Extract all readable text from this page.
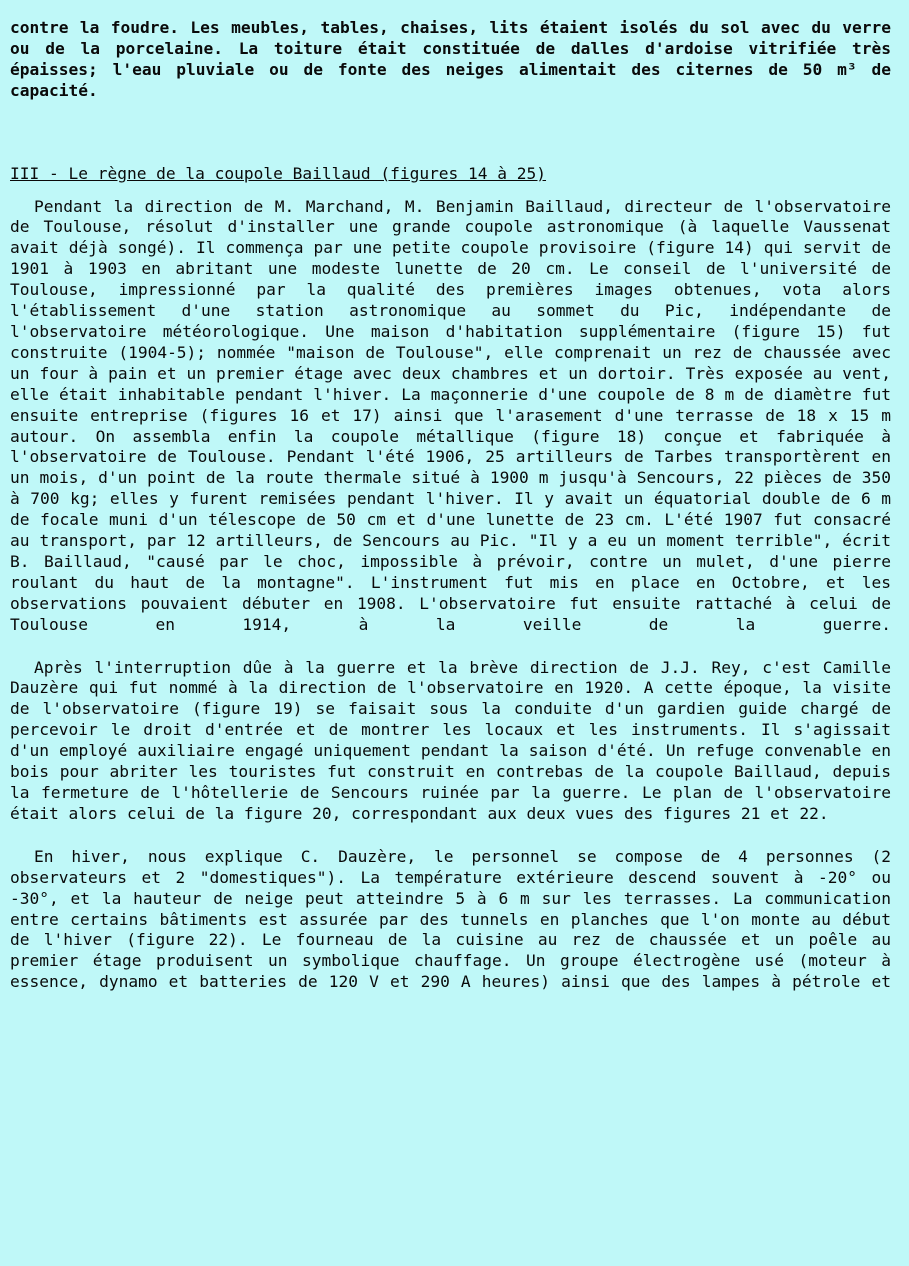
contre la foudre. Les meubles, tables, chaises, lits étaient isolés du sol avec du verre ou de la porcelaine. La toiture était constituée de dalles d'ardoise vitrifiée très épaisses; l'eau pluviale ou de fonte des neiges alimentait des citernes de 50 m³ de capacité.

III - Le règne de la coupole Baillaud (figures 14 à 25)

Pendant la direction de M. Marchand, M. Benjamin Baillaud, directeur de l'observatoire de Toulouse, résolut d'installer une grande coupole astronomique (à laquelle Vaussenat avait déjà songé). Il commença par une petite coupole provisoire (figure 14) qui servit de 1901 à 1903 en abritant une modeste lunette de 20 cm. Le conseil de l'université de Toulouse, impressionné par la qualité des premières images obtenues, vota alors l'établissement d'une station astronomique au sommet du Pic, indépendante de l'observatoire météorologique. Une maison d'habitation supplémentaire (figure 15) fut construite (1904-5); nommée "maison de Toulouse", elle comprenait un rez de chaussée avec un four à pain et un premier étage avec deux chambres et un dortoir. Très exposée au vent, elle était inhabitable pendant l'hiver. La maçonnerie d'une coupole de 8 m de diamètre fut ensuite entreprise (figures 16 et 17) ainsi que l'arasement d'une terrasse de 18 x 15 m autour. On assembla enfin la coupole métallique (figure 18) conçue et fabriquée à l'observatoire de Toulouse. Pendant l'été 1906, 25 artilleurs de Tarbes transportèrent en un mois, d'un point de la route thermale situé à 1900 m jusqu'à Sencours, 22 pièces de 350 à 700 kg; elles y furent remisées pendant l'hiver. Il y avait un équatorial double de 6 m de focale muni d'un télescope de 50 cm et d'une lunette de 23 cm. L'été 1907 fut consacré au transport, par 12 artilleurs, de Sencours au Pic. "Il y a eu un moment terrible", écrit B. Baillaud, "causé par le choc, impossible à prévoir, contre un mulet, d'une pierre roulant du haut de la montagne". L'instrument fut mis en place en Octobre, et les observations pouvaient débuter en 1908. L'observatoire fut ensuite rattaché à celui de Toulouse en 1914, à la veille de la guerre.

Après l'interruption dûe à la guerre et la brève direction de J.J. Rey, c'est Camille Dauzère qui fut nommé à la direction de l'observatoire en 1920. A cette époque, la visite de l'observatoire (figure 19) se faisait sous la conduite d'un gardien guide chargé de percevoir le droit d'entrée et de montrer les locaux et les instruments. Il s'agissait d'un employé auxiliaire engagé uniquement pendant la saison d'été. Un refuge convenable en bois pour abriter les touristes fut construit en contrebas de la coupole Baillaud, depuis la fermeture de l'hôtellerie de Sencours ruinée par la guerre. Le plan de l'observatoire était alors celui de la figure 20, correspondant aux deux vues des figures 21 et 22.

En hiver, nous explique C. Dauzère, le personnel se compose de 4 personnes (2 observateurs et 2 "domestiques"). La température extérieure descend souvent à -20° ou -30°, et la hauteur de neige peut atteindre 5 à 6 m sur les terrasses. La communication entre certains bâtiments est assurée par des tunnels en planches que l'on monte au début de l'hiver (figure 22). Le fourneau de la cuisine au rez de chaussée et un poêle au premier étage produisent un symbolique chauffage. Un groupe électrogène usé (moteur à essence, dynamo et batteries de 120 V et 290 A heures) ainsi que des lampes à pétrole et
